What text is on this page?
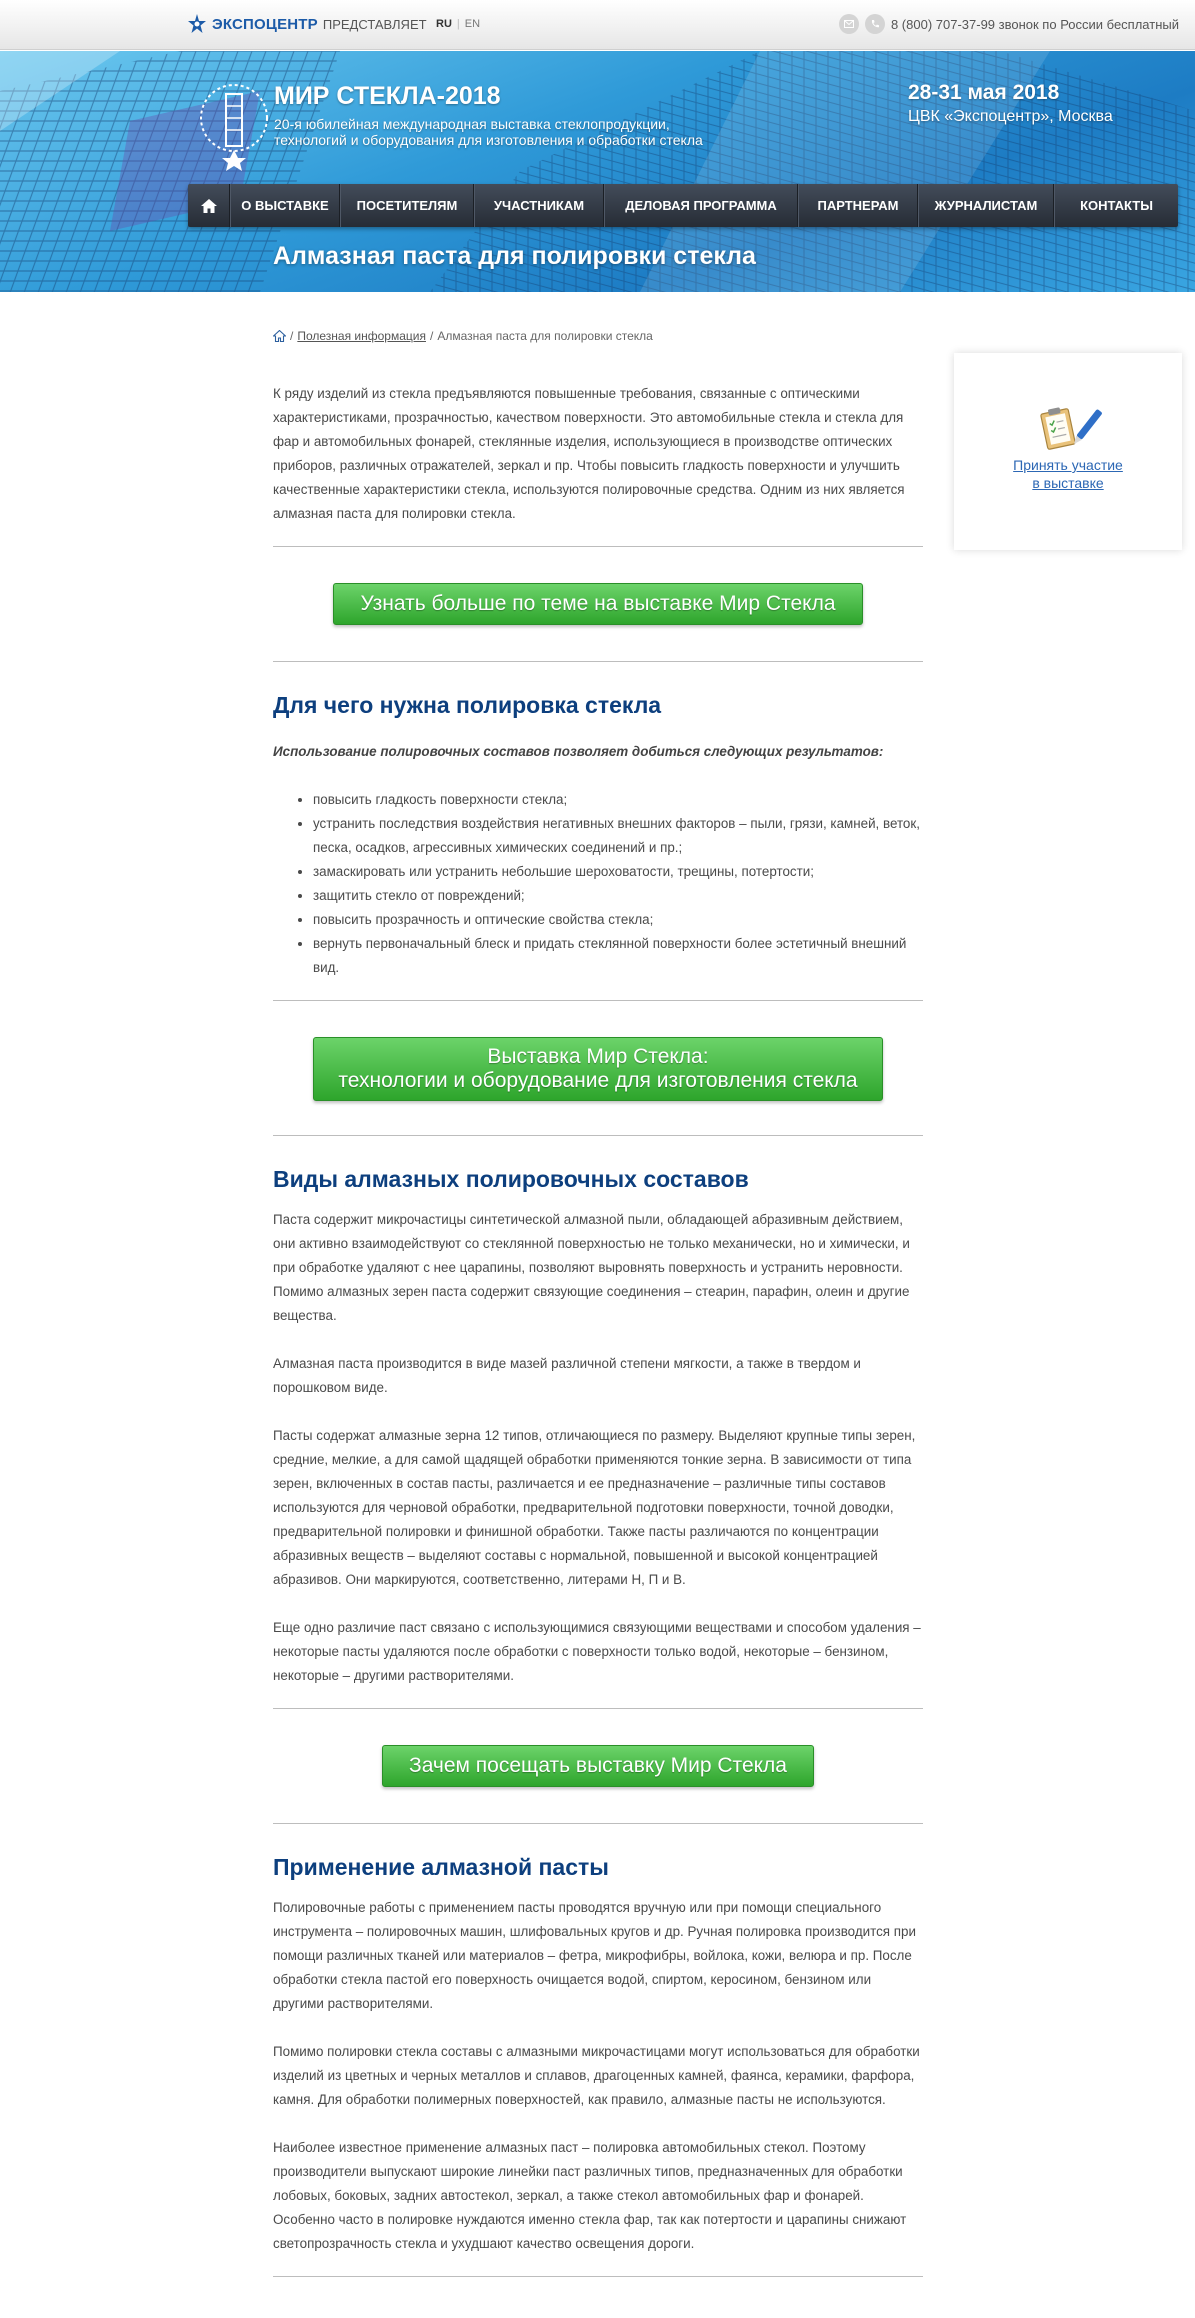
ЭКСПОЦЕНТР ПРЕДСТАВЛЯЕТ RU | EN	8 (800) 707-37-99 звонок по России бесплатный
МИР СТЕКЛА-2018
20-я юбилейная международная выставка стеклопродукции,
технологий и оборудования для изготовления и обработки стекла
28-31 мая 2018
ЦВК «Экспоцентр», Москва
О ВЫСТАВКЕ	ПОСЕТИТЕЛЯМ	УЧАСТНИКАМ	ДЕЛОВАЯ ПРОГРАММА	ПАРТНЕРАМ	ЖУРНАЛИСТАМ	КОНТАКТЫ
Алмазная паста для полировки стекла
/ Полезная информация / Алмазная паста для полировки стекла

К ряду изделий из стекла предъявляются повышенные требования, связанные с оптическими характеристиками, прозрачностью, качеством поверхности. Это автомобильные стекла и стекла для фар и автомобильных фонарей, стеклянные изделия, использующиеся в производстве оптических приборов, различных отражателей, зеркал и пр. Чтобы повысить гладкость поверхности и улучшить качественные характеристики стекла, используются полировочные средства. Одним из них является алмазная паста для полировки стекла.

Узнать больше по теме на выставке Мир Стекла
Для чего нужна полировка стекла

Использование полировочных составов позволяет добиться следующих результатов:

• повысить гладкость поверхности стекла;
• устранить последствия воздействия негативных внешних факторов – пыли, грязи, камней, веток, песка, осадков, агрессивных химических соединений и пр.;
• замаскировать или устранить небольшие шероховатости, трещины, потертости;
• защитить стекло от повреждений;
• повысить прозрачность и оптические свойства стекла;
• вернуть первоначальный блеск и придать стеклянной поверхности более эстетичный внешний вид.
Выставка Мир Стекла:
технологии и оборудование для изготовления стекла
Виды алмазных полировочных составов

Паста содержит микрочастицы синтетической алмазной пыли, обладающей абразивным действием, они активно взаимодействуют со стеклянной поверхностью не только механически, но и химически, и при обработке удаляют с нее царапины, позволяют выровнять поверхность и устранить неровности. Помимо алмазных зерен паста содержит связующие соединения – стеарин, парафин, олеин и другие вещества.

Алмазная паста производится в виде мазей различной степени мягкости, а также в твердом и порошковом виде.

Пасты содержат алмазные зерна 12 типов, отличающиеся по размеру. Выделяют крупные типы зерен, средние, мелкие, а для самой щадящей обработки применяются тонкие зерна. В зависимости от типа зерен, включенных в состав пасты, различается и ее предназначение – различные типы составов используются для черновой обработки, предварительной подготовки поверхности, точной доводки, предварительной полировки и финишной обработки. Также пасты различаются по концентрации абразивных веществ – выделяют составы с нормальной, повышенной и высокой концентрацией абразивов. Они маркируются, соответственно, литерами Н, П и В.

Еще одно различие паст связано с использующимися связующими веществами и способом удаления – некоторые пасты удаляются после обработки с поверхности только водой, некоторые – бензином, некоторые – другими растворителями.

Зачем посещать выставку Мир Стекла
Применение алмазной пасты

Полировочные работы с применением пасты проводятся вручную или при помощи специального инструмента – полировочных машин, шлифовальных кругов и др. Ручная полировка производится при помощи различных тканей или материалов – фетра, микрофибры, войлока, кожи, велюра и пр. После обработки стекла пастой его поверхность очищается водой, спиртом, керосином, бензином или другими растворителями.

Помимо полировки стекла составы с алмазными микрочастицами могут использоваться для обработки изделий из цветных и черных металлов и сплавов, драгоценных камней, фаянса, керамики, фарфора, камня. Для обработки полимерных поверхностей, как правило, алмазные пасты не используются.

Наиболее известное применение алмазных паст – полировка автомобильных стекол. Поэтому производители выпускают широкие линейки паст различных типов, предназначенных для обработки лобовых, боковых, задних автостекол, зеркал, а также стекол автомобильных фар и фонарей. Особенно часто в полировке нуждаются именно стекла фар, так как потертости и царапины снижают светопрозрачность стекла и ухудшают качество освещения дороги.

Принять участие
в выставке
